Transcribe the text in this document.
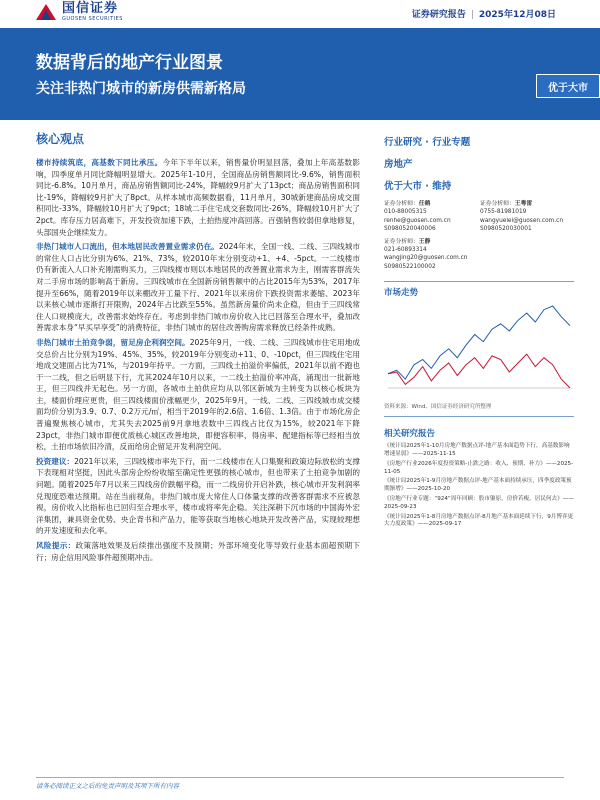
国信证券
GUOSEN SECURITIES	证券研究报告 | 2025年12月08日
数据背后的地产行业图景
关注非热门城市的新房供需新格局	优于大市
核心观点

楼市持续筑底，高基数下同比承压。今年下半年以来，销售量价明显回落，叠加上年高基数影响，四季度单月同比降幅明显增大。2025年1-10月，全国商品房销售额同比-9.6%，销售面积同比-6.8%。10月单月，商品房销售额同比-24%，降幅较9月扩大了13pct；商品房销售面积同比-19%，降幅较9月扩大了8pct。从样本城市高频数据看，11月单月，30城新建商品房成交面积同比-33%，降幅较10月扩大了9pct；18城二手住宅成交套数同比-26%，降幅较10月扩大了2pct。库存压力居高难下，开发投资加速下跌，土拍热度冲高回落。百强销售较弱但拿地修复，头部国央企继续发力。

非热门城市人口流出，但本地居民改善置业需求仍在。2024年末，全国一线、二线、三四线城市的常住人口占比分别为6%、21%、73%，较2010年末分别变动+1、+4、-5pct。一二线楼市仍有新流入人口补充刚需购买力，三四线楼市则以本地居民的改善置业需求为主，刚需客群流失对二手房市场的影响高于新房。三四线城市在全国新房销售额中的占比2015年为53%，2017年提升至66%，随着2019年以来棚改开工量下行、2021年以来房价下跌投资需求萎缩、2023年以来核心城市逐渐打开限购，2024年占比跌至55%。虽然新房量价尚未企稳，但由于三四线常住人口规模庞大，改善需求始终存在。考虑到非热门城市房价收入比已回落至合理水平，叠加改善需求本身“早买早享受”的消费特征，非热门城市的居住改善购房需求释放已经条件成熟。

非热门城市土拍竞争弱，留足房企利润空间。2025年9月，一线、二线、三四线城市住宅用地成交总价占比分别为19%、45%、35%，较2019年分别变动+11、0、-10pct，但三四线住宅用地成交建面占比为71%，与2019年持平。一方面，三四线土拍溢价率偏低，2021年以前不跑也干一二线，但之后明显下行，尤其2024年10月以来，一二线土拍溢价率冲高，涌现出一批新地王，但三四线并无起色。另一方面，各城市土拍供应均从以邻区新城为主转变为以核心板块为主，楼面价理应更贵，但三四线楼面价涨幅更少，2025年9月，一线、二线、三四线城市成交楼面均价分别为3.9、0.7、0.2万元/㎡，相当于2019年的2.6倍、1.6倍、1.3倍。由于市场化房企普遍聚焦核心城市，尤其失去2025前9月拿地表数中三四线占比仅为15%，较2021年下降23pct，非热门城市即便优质核心城区改善地块，即便容积率、得房率、配建指标等已经相当放松，土拍市场依旧冷清，反而给房企留足开发利润空间。

投资建议：2021年以来，三四线楼市率先下行，而一二线楼市在人口集聚和政策边际放松的支撑下表现相对坚挺，因此头部房企纷纷收缩至确定性更强的核心城市，但也带来了土拍竞争加剧的问题。随着2025年7月以来三四线房价跌幅平稳，而一二线房价开启补跌，核心城市开发利润率兑现度恐难达预期。站在当前视角，非热门城市庞大常住人口体量支撑的改善客群需求不应被忽视，房价收入比指标也已回归至合理水平，楼市或将率先企稳。关注深耕下沉市场的中国海外宏洋集团，兼具资金优势、央企背书和产品力，能等获取当地核心地块开发改善产品，实现较理想的开发速度和去化率。

风险提示：政策落地效果及后续推出强度不及预期；外部环境变化等导致行业基本面超预期下行；房企信用风险事件超预期冲击。

行业研究 · 行业专题
房地产
优于大市 · 维持
证券分析师：任鹤
010-88005315
renhe@guosen.com.cn
S0980520040006
证券分析师：王粤雷
0755-81981019
wangyuelei@guosen.com.cn
S0980520030001
证券分析师：王静
021-60893314
wangjing20@guosen.com.cn
S0980522100002
市场走势
资料来源：Wind、国信证券经济研究所整理
相关研究报告
《统计局2025年1-10月房地产数据点评-地产基本面趋势下行，高基数影响增速显弱》——2025-11-15
《房地产行业2026年度投资策略-止跌之路：收入、预期、补力》——2025-11-05
《统计局2025年1-9月房地产数据点评-地产基本面持续承压，四季度政策预期渐增》——2025-10-20
《房地产行业专题：“924”周年回顾：股市躯原，房价若瘦，居民何去》——2025-09-23
《统计局2025年1-8月房地产数据点评-8月地产基本面延续下行，9月博弈更大力度政策》——2025-09-17
请务必阅读正文之后的免责声明及其项下所有内容
